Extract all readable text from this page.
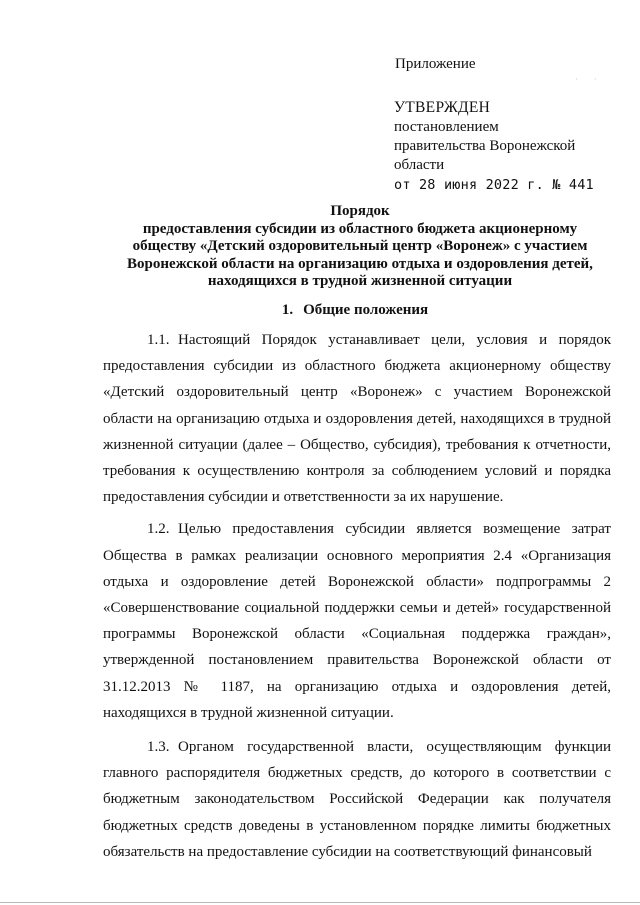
Приложение
УТВЕРЖДЕН
постановлением
правительства Воронежской
области
от 28 июня 2022 г. № 441
Порядок
предоставления субсидии из областного бюджета акционерному
обществу «Детский оздоровительный центр «Воронеж» с участием
Воронежской области на организацию отдыха и оздоровления детей,
находящихся в трудной жизненной ситуации
1. Общие положения

1.1. Настоящий Порядок устанавливает цели, условия и порядок предоставления субсидии из областного бюджета акционерному обществу «Детский оздоровительный центр «Воронеж» с участием Воронежской области на организацию отдыха и оздоровления детей, находящихся в трудной жизненной ситуации (далее – Общество, субсидия), требования к отчетности, требования к осуществлению контроля за соблюдением условий и порядка предоставления субсидии и ответственности за их нарушение.

1.2. Целью предоставления субсидии является возмещение затрат Общества в рамках реализации основного мероприятия 2.4 «Организация отдыха и оздоровление детей Воронежской области» подпрограммы 2 «Совершенствование социальной поддержки семьи и детей» государственной программы Воронежской области «Социальная поддержка граждан», утвержденной постановлением правительства Воронежской области от 31.12.2013 № 1187, на организацию отдыха и оздоровления детей, находящихся в трудной жизненной ситуации.

1.3. Органом государственной власти, осуществляющим функции главного распорядителя бюджетных средств, до которого в соответствии с бюджетным законодательством Российской Федерации как получателя бюджетных средств доведены в установленном порядке лимиты бюджетных обязательств на предоставление субсидии на соответствующий финансовый

·       ·
